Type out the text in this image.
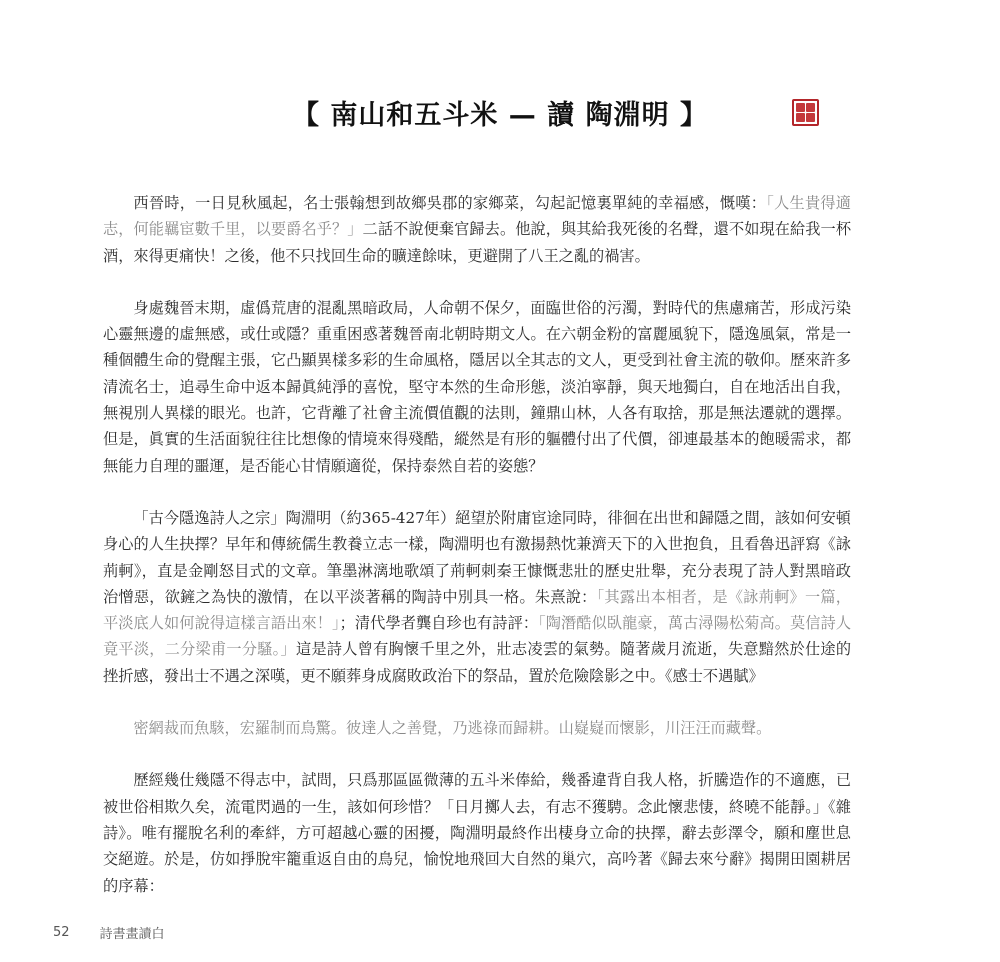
【 南山和五斗米 — 讀 陶淵明 】

西晉時，一日見秋風起，名士張翰想到故鄉吳郡的家鄉菜，勾起記憶裏單純的幸福感，慨嘆：「人生貴得適志，何能羈宦數千里，以要爵名乎？」二話不說便棄官歸去。他說，與其給我死後的名聲，還不如現在給我一杯酒，來得更痛快！之後，他不只找回生命的曠達餘味，更避開了八王之亂的禍害。

身處魏晉末期，虛僞荒唐的混亂黑暗政局，人命朝不保夕，面臨世俗的污濁，對時代的焦慮痛苦，形成污染心靈無邊的虛無感，或仕或隱？重重困惑著魏晉南北朝時期文人。在六朝金粉的富麗風貌下，隱逸風氣，常是一種個體生命的覺醒主張，它凸顯異樣多彩的生命風格，隱居以全其志的文人，更受到社會主流的敬仰。歷來許多清流名士，追尋生命中返本歸眞純淨的喜悅，堅守本然的生命形態，淡泊寧靜，與天地獨白，自在地活出自我，無視別人異樣的眼光。也許，它背離了社會主流價值觀的法則，鐘鼎山林，人各有取捨，那是無法遷就的選擇。但是，眞實的生活面貌往往比想像的情境來得殘酷，縱然是有形的軀體付出了代價，卻連最基本的飽暖需求，都無能力自理的噩運，是否能心甘情願適從，保持泰然自若的姿態？

「古今隱逸詩人之宗」陶淵明（約365-427年）絕望於附庸宦途同時，徘徊在出世和歸隱之間，該如何安頓身心的人生抉擇？早年和傳統儒生教養立志一樣，陶淵明也有激揚熱忱兼濟天下的入世抱負，且看魯迅評寫《詠荊軻》，直是金剛怒目式的文章。筆墨淋漓地歌頌了荊軻刺秦王慷慨悲壯的歷史壯舉，充分表現了詩人對黑暗政治憎惡，欲鏟之為快的激情，在以平淡著稱的陶詩中別具一格。朱熹說：「其露出本相者，是《詠荊軻》一篇，平淡底人如何說得這樣言語出來！」；清代學者龔自珍也有詩評：「陶潛酷似臥龍豪，萬古潯陽松菊高。莫信詩人竟平淡，二分梁甫一分騷。」這是詩人曾有胸懷千里之外，壯志凌雲的氣勢。隨著歲月流逝，失意黯然於仕途的挫折感，發出士不遇之深嘆，更不願葬身成腐敗政治下的祭品，置於危險陰影之中。《感士不遇賦》

密網裁而魚駭，宏羅制而鳥驚。彼達人之善覺，乃逃祿而歸耕。山嶷嶷而懷影，川汪汪而藏聲。

歷經幾仕幾隱不得志中，試問，只爲那區區微薄的五斗米俸給，幾番違背自我人格，折騰造作的不適應，已被世俗相欺久矣，流電閃過的一生，該如何珍惜？「日月擲人去，有志不獲騁。念此懷悲悽，終曉不能靜。」《雜詩》。唯有擺脫名利的牽絆，方可超越心靈的困擾，陶淵明最終作出棲身立命的抉擇，辭去彭澤令，願和塵世息交絕遊。於是，仿如掙脫牢籠重返自由的鳥兒，愉悅地飛回大自然的巢穴，高吟著《歸去來兮辭》揭開田園耕居的序幕：

52 詩書畫讀白
